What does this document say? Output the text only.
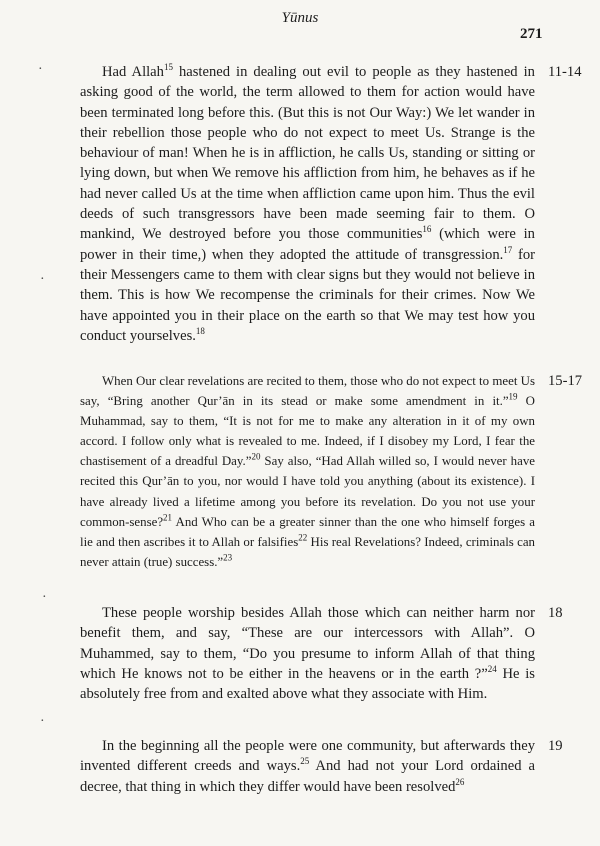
Yūnus
271
·
·
·
·

Had Allah$^{15}$ hastened in dealing out evil to people as they hastened in asking good of the world, the term allowed to them for action would have been terminated long before this. (But this is not Our Way:) We let wander in their rebellion those people who do not expect to meet Us. Strange is the behaviour of man! When he is in affliction, he calls Us, standing or sitting or lying down, but when We remove his affliction from him, he behaves as if he had never called Us at the time when affliction came upon him. Thus the evil deeds of such transgressors have been made seeming fair to them. O mankind, We destroyed before you those communities$^{16}$ (which were in power in their time,) when they adopted the attitude of transgression.$^{17}$ for their Messengers came to them with clear signs but they would not believe in them. This is how We recompense the criminals for their crimes. Now We have appointed you in their place on the earth so that We may test how you conduct yourselves.$^{18}$

11-14

When Our clear revelations are recited to them, those who do not expect to meet Us say, “Bring another Qur’ān in its stead or make some amendment in it.”$^{19}$ O Muhammad, say to them, “It is not for me to make any alteration in it of my own accord. I follow only what is revealed to me. Indeed, if I disobey my Lord, I fear the chastisement of a dreadful Day.”$^{20}$ Say also, “Had Allah willed so, I would never have recited this Qur’ān to you, nor would I have told you anything (about its existence). I have already lived a lifetime among you before its revelation. Do you not use your common-sense?$^{21}$ And Who can be a greater sinner than the one who himself forges a lie and then ascribes it to Allah or falsifies$^{22}$ His real Revelations? Indeed, criminals can never attain (true) success.”$^{23}$

15-17

These people worship besides Allah those which can neither harm nor benefit them, and say, “These are our intercessors with Allah”. O Muhammed, say to them, “Do you presume to inform Allah of that thing which He knows not to be either in the heavens or in the earth ?”$^{24}$ He is absolutely free from and exalted above what they associate with Him.

18

In the beginning all the people were one community, but afterwards they invented different creeds and ways.$^{25}$ And had not your Lord ordained a decree, that thing in which they differ would have been resolved$^{26}$

19
